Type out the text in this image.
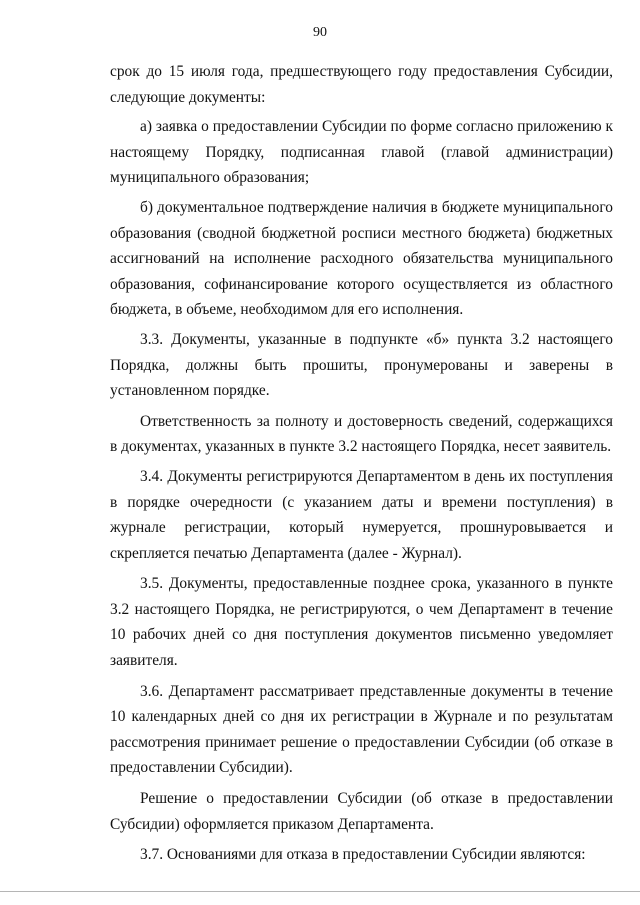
90

срок до 15 июля года, предшествующего году предоставления Субсидии, следующие документы:

а) заявка о предоставлении Субсидии по форме согласно приложению к настоящему Порядку, подписанная главой (главой администрации) муниципального образования;

б) документальное подтверждение наличия в бюджете муниципального образования (сводной бюджетной росписи местного бюджета) бюджетных ассигнований на исполнение расходного обязательства муниципального образования, софинансирование которого осуществляется из областного бюджета, в объеме, необходимом для его исполнения.

3.3. Документы, указанные в подпункте «б» пункта 3.2 настоящего Порядка, должны быть прошиты, пронумерованы и заверены в установленном порядке.

Ответственность за полноту и достоверность сведений, содержащихся в документах, указанных в пункте 3.2 настоящего Порядка, несет заявитель.

3.4. Документы регистрируются Департаментом в день их поступления в порядке очередности (с указанием даты и времени поступления) в журнале регистрации, который нумеруется, прошнуровывается и скрепляется печатью Департамента (далее - Журнал).

3.5. Документы, предоставленные позднее срока, указанного в пункте 3.2 настоящего Порядка, не регистрируются, о чем Департамент в течение 10 рабочих дней со дня поступления документов письменно уведомляет заявителя.

3.6. Департамент рассматривает представленные документы в течение 10 календарных дней со дня их регистрации в Журнале и по результатам рассмотрения принимает решение о предоставлении Субсидии (об отказе в предоставлении Субсидии).

Решение о предоставлении Субсидии (об отказе в предоставлении Субсидии) оформляется приказом Департамента.

3.7. Основаниями для отказа в предоставлении Субсидии являются:
